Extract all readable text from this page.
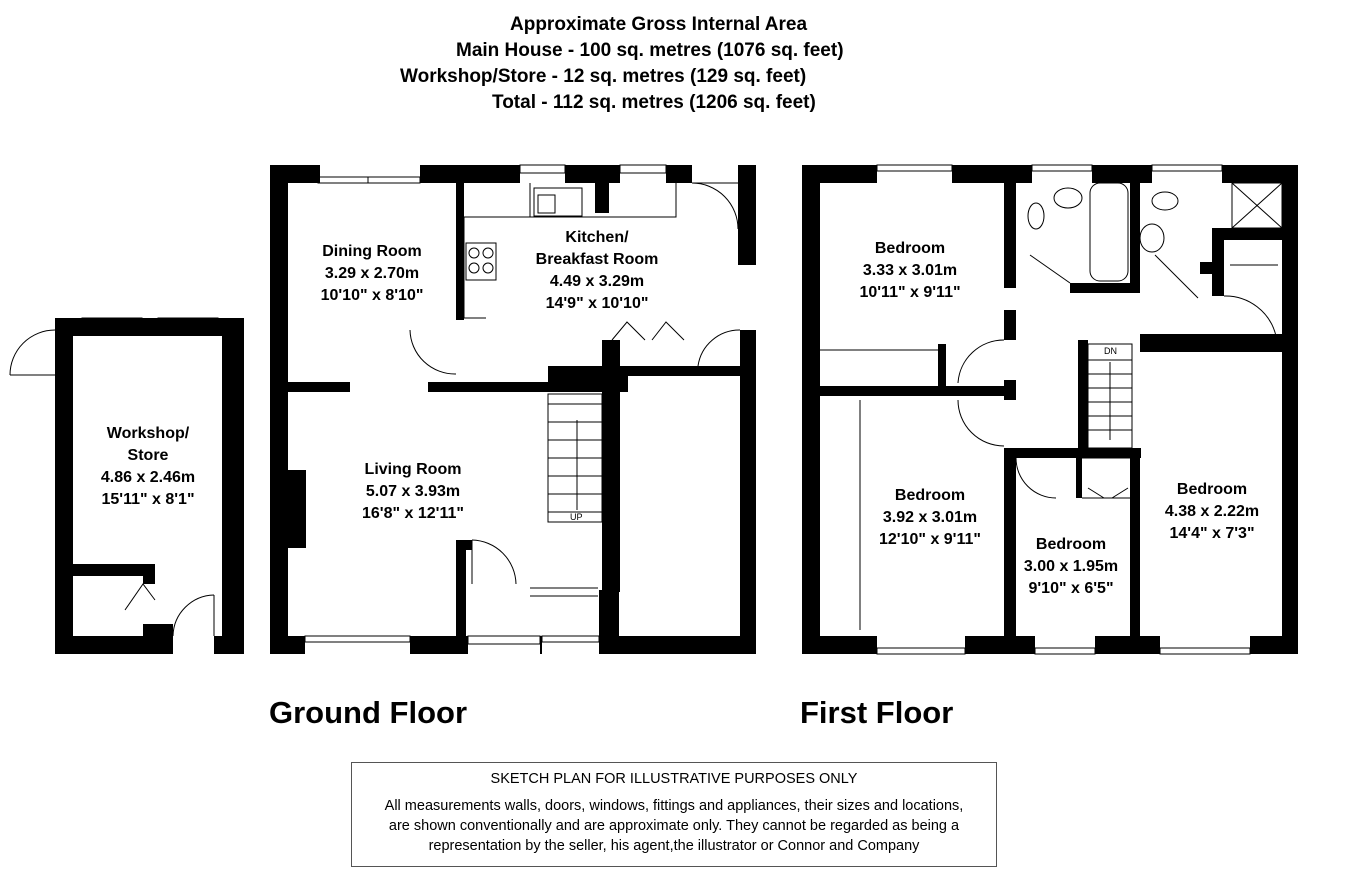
Approximate Gross Internal Area
Main House - 100 sq. metres (1076 sq. feet)
Workshop/Store - 12 sq. metres (129 sq. feet)
Total - 112 sq. metres (1206 sq. feet)
Workshop/
Store
4.86 x 2.46m
15'11" x 8'1"
Dining Room
3.29 x 2.70m
10'10" x 8'10"
Kitchen/
Breakfast Room
4.49 x 3.29m
14'9" x 10'10"
Living Room
5.07 x 3.93m
16'8" x 12'11"
Bedroom
3.33 x 3.01m
10'11" x 9'11"
Bedroom
3.92 x 3.01m
12'10" x 9'11"	Bedroom
3.00 x 1.95m
9'10" x 6'5"
Bedroom
4.38 x 2.22m
14'4" x 7'3"
UP
DN
Ground Floor	First Floor
SKETCH PLAN FOR ILLUSTRATIVE PURPOSES ONLY
All measurements walls, doors, windows, fittings and appliances, their sizes and locations,
are shown conventionally and are approximate only. They cannot be regarded as being a
representation by the seller, his agent,the illustrator or Connor and Company
